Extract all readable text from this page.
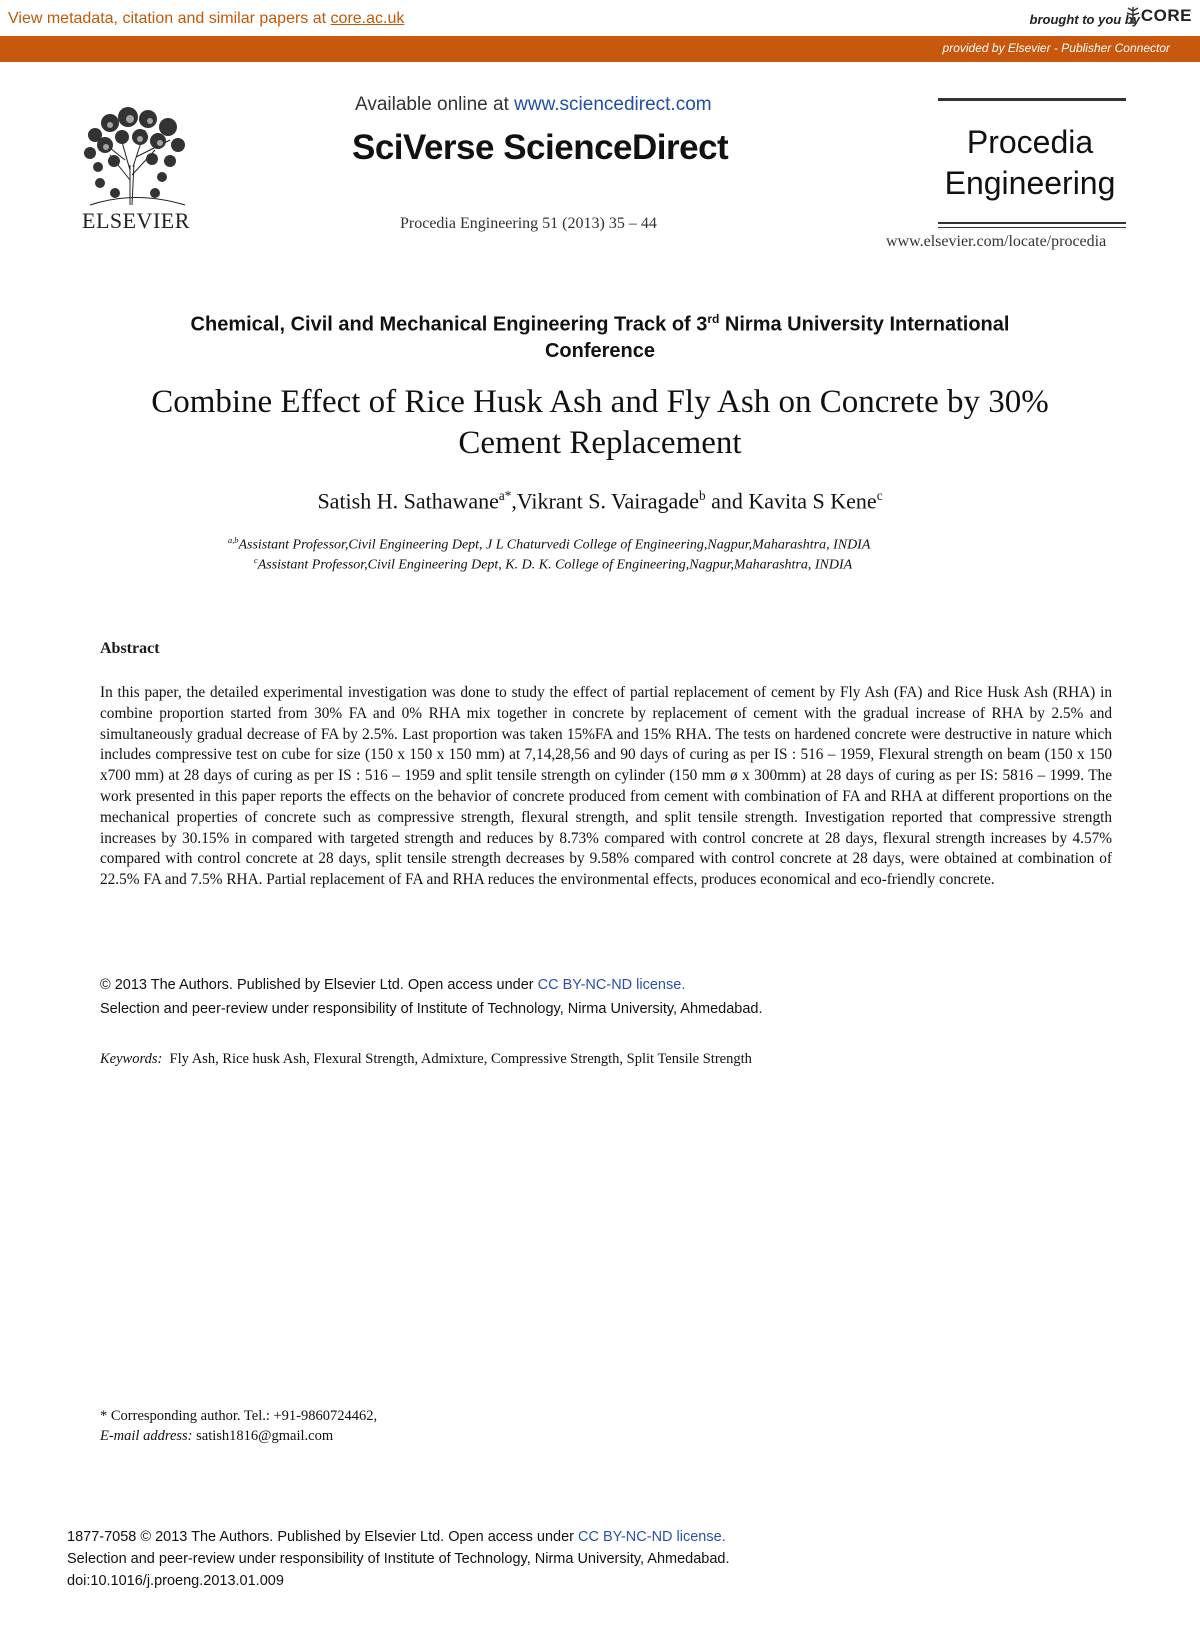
View metadata, citation and similar papers at core.ac.uk	brought to you by CORE
provided by Elsevier - Publisher Connector
ELSEVIER
Available online at www.sciencedirect.com
SciVerse ScienceDirect
Procedia Engineering 51 (2013) 35 – 44
Procedia
Engineering
www.elsevier.com/locate/procedia
Chemical, Civil and Mechanical Engineering Track of 3rd Nirma University International
Conference
Combine Effect of Rice Husk Ash and Fly Ash on Concrete by 30%
Cement Replacement
Satish H. Sathawane$^{a*}$,Vikrant S. Vairagade$^b$ and Kavita S Kene$^c$
$^{a,b}$Assistant Professor,Civil Engineering Dept, J L Chaturvedi College of Engineering,Nagpur,Maharashtra, INDIA
$^c$Assistant Professor,Civil Engineering Dept, K. D. K. College of Engineering,Nagpur,Maharashtra, INDIA
Abstract
In this paper, the detailed experimental investigation was done to study the effect of partial replacement of cement by Fly Ash (FA) and Rice Husk Ash (RHA) in combine proportion started from 30% FA and 0% RHA mix together in concrete by replacement of cement with the gradual increase of RHA by 2.5% and simultaneously gradual decrease of FA by 2.5%. Last proportion was taken 15%FA and 15% RHA. The tests on hardened concrete were destructive in nature which includes compressive test on cube for size (150 x 150 x 150 mm) at 7,14,28,56 and 90 days of curing as per IS : 516 – 1959, Flexural strength on beam (150 x 150 x700 mm) at 28 days of curing as per IS : 516 – 1959 and split tensile strength on cylinder (150 mm ø x 300mm) at 28 days of curing as per IS: 5816 – 1999. The work presented in this paper reports the effects on the behavior of concrete produced from cement with combination of FA and RHA at different proportions on the mechanical properties of concrete such as compressive strength, flexural strength, and split tensile strength. Investigation reported that compressive strength increases by 30.15% in compared with targeted strength and reduces by 8.73% compared with control concrete at 28 days, flexural strength increases by 4.57% compared with control concrete at 28 days, split tensile strength decreases by 9.58% compared with control concrete at 28 days, were obtained at combination of 22.5% FA and 7.5% RHA. Partial replacement of FA and RHA reduces the environmental effects, produces economical and eco-friendly concrete.
© 2013 The Authors. Published by Elsevier Ltd. Open access under CC BY-NC-ND license.
Selection and peer-review under responsibility of Institute of Technology, Nirma University, Ahmedabad.
Keywords:  Fly Ash, Rice husk Ash, Flexural Strength, Admixture, Compressive Strength, Split Tensile Strength
* Corresponding author. Tel.: +91-9860724462,
E-mail address: satish1816@gmail.com
1877-7058 © 2013 The Authors. Published by Elsevier Ltd. Open access under CC BY-NC-ND license.
Selection and peer-review under responsibility of Institute of Technology, Nirma University, Ahmedabad.
doi:10.1016/j.proeng.2013.01.009
